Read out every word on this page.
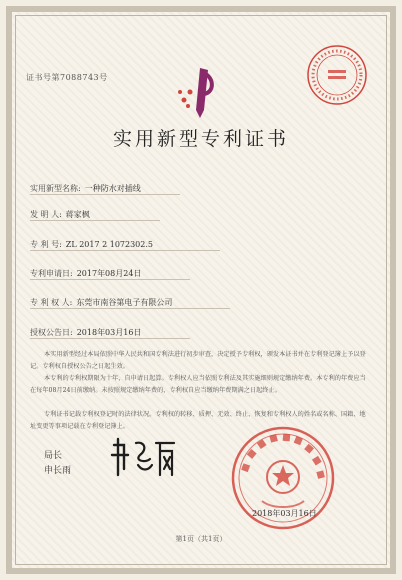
证书号第7088743号
实用新型专利证书
实用新型名称: 一种防水对插线
发 明 人: 蒋家枫
专 利 号: ZL 2017 2 1072302.5
专利申请日: 2017年08月24日
专 利 权 人: 东莞市南谷第电子有限公司
授权公告日: 2018年03月16日
本实用新型经过本局依照中华人民共和国专利法进行初步审查，决定授予专利权，颁发本证书并在专利登记簿上予以登记。专利权自授权公告之日起生效。
本专利的专利权期限为十年，自申请日起算。专利权人应当依照专利法及其实施细则规定缴纳年费。本专利的年费应当在每年08月24日前缴纳。未按照规定缴纳年费的，专利权自应当缴纳年费期满之日起终止。
专利证书记载专利权登记时的法律状况。专利权的转移、质押、无效、终止、恢复和专利权人的姓名或名称、国籍、地址变更等事项记载在专利登记簿上。
局长
申长雨
2018年03月16日
第1页（共1页）
